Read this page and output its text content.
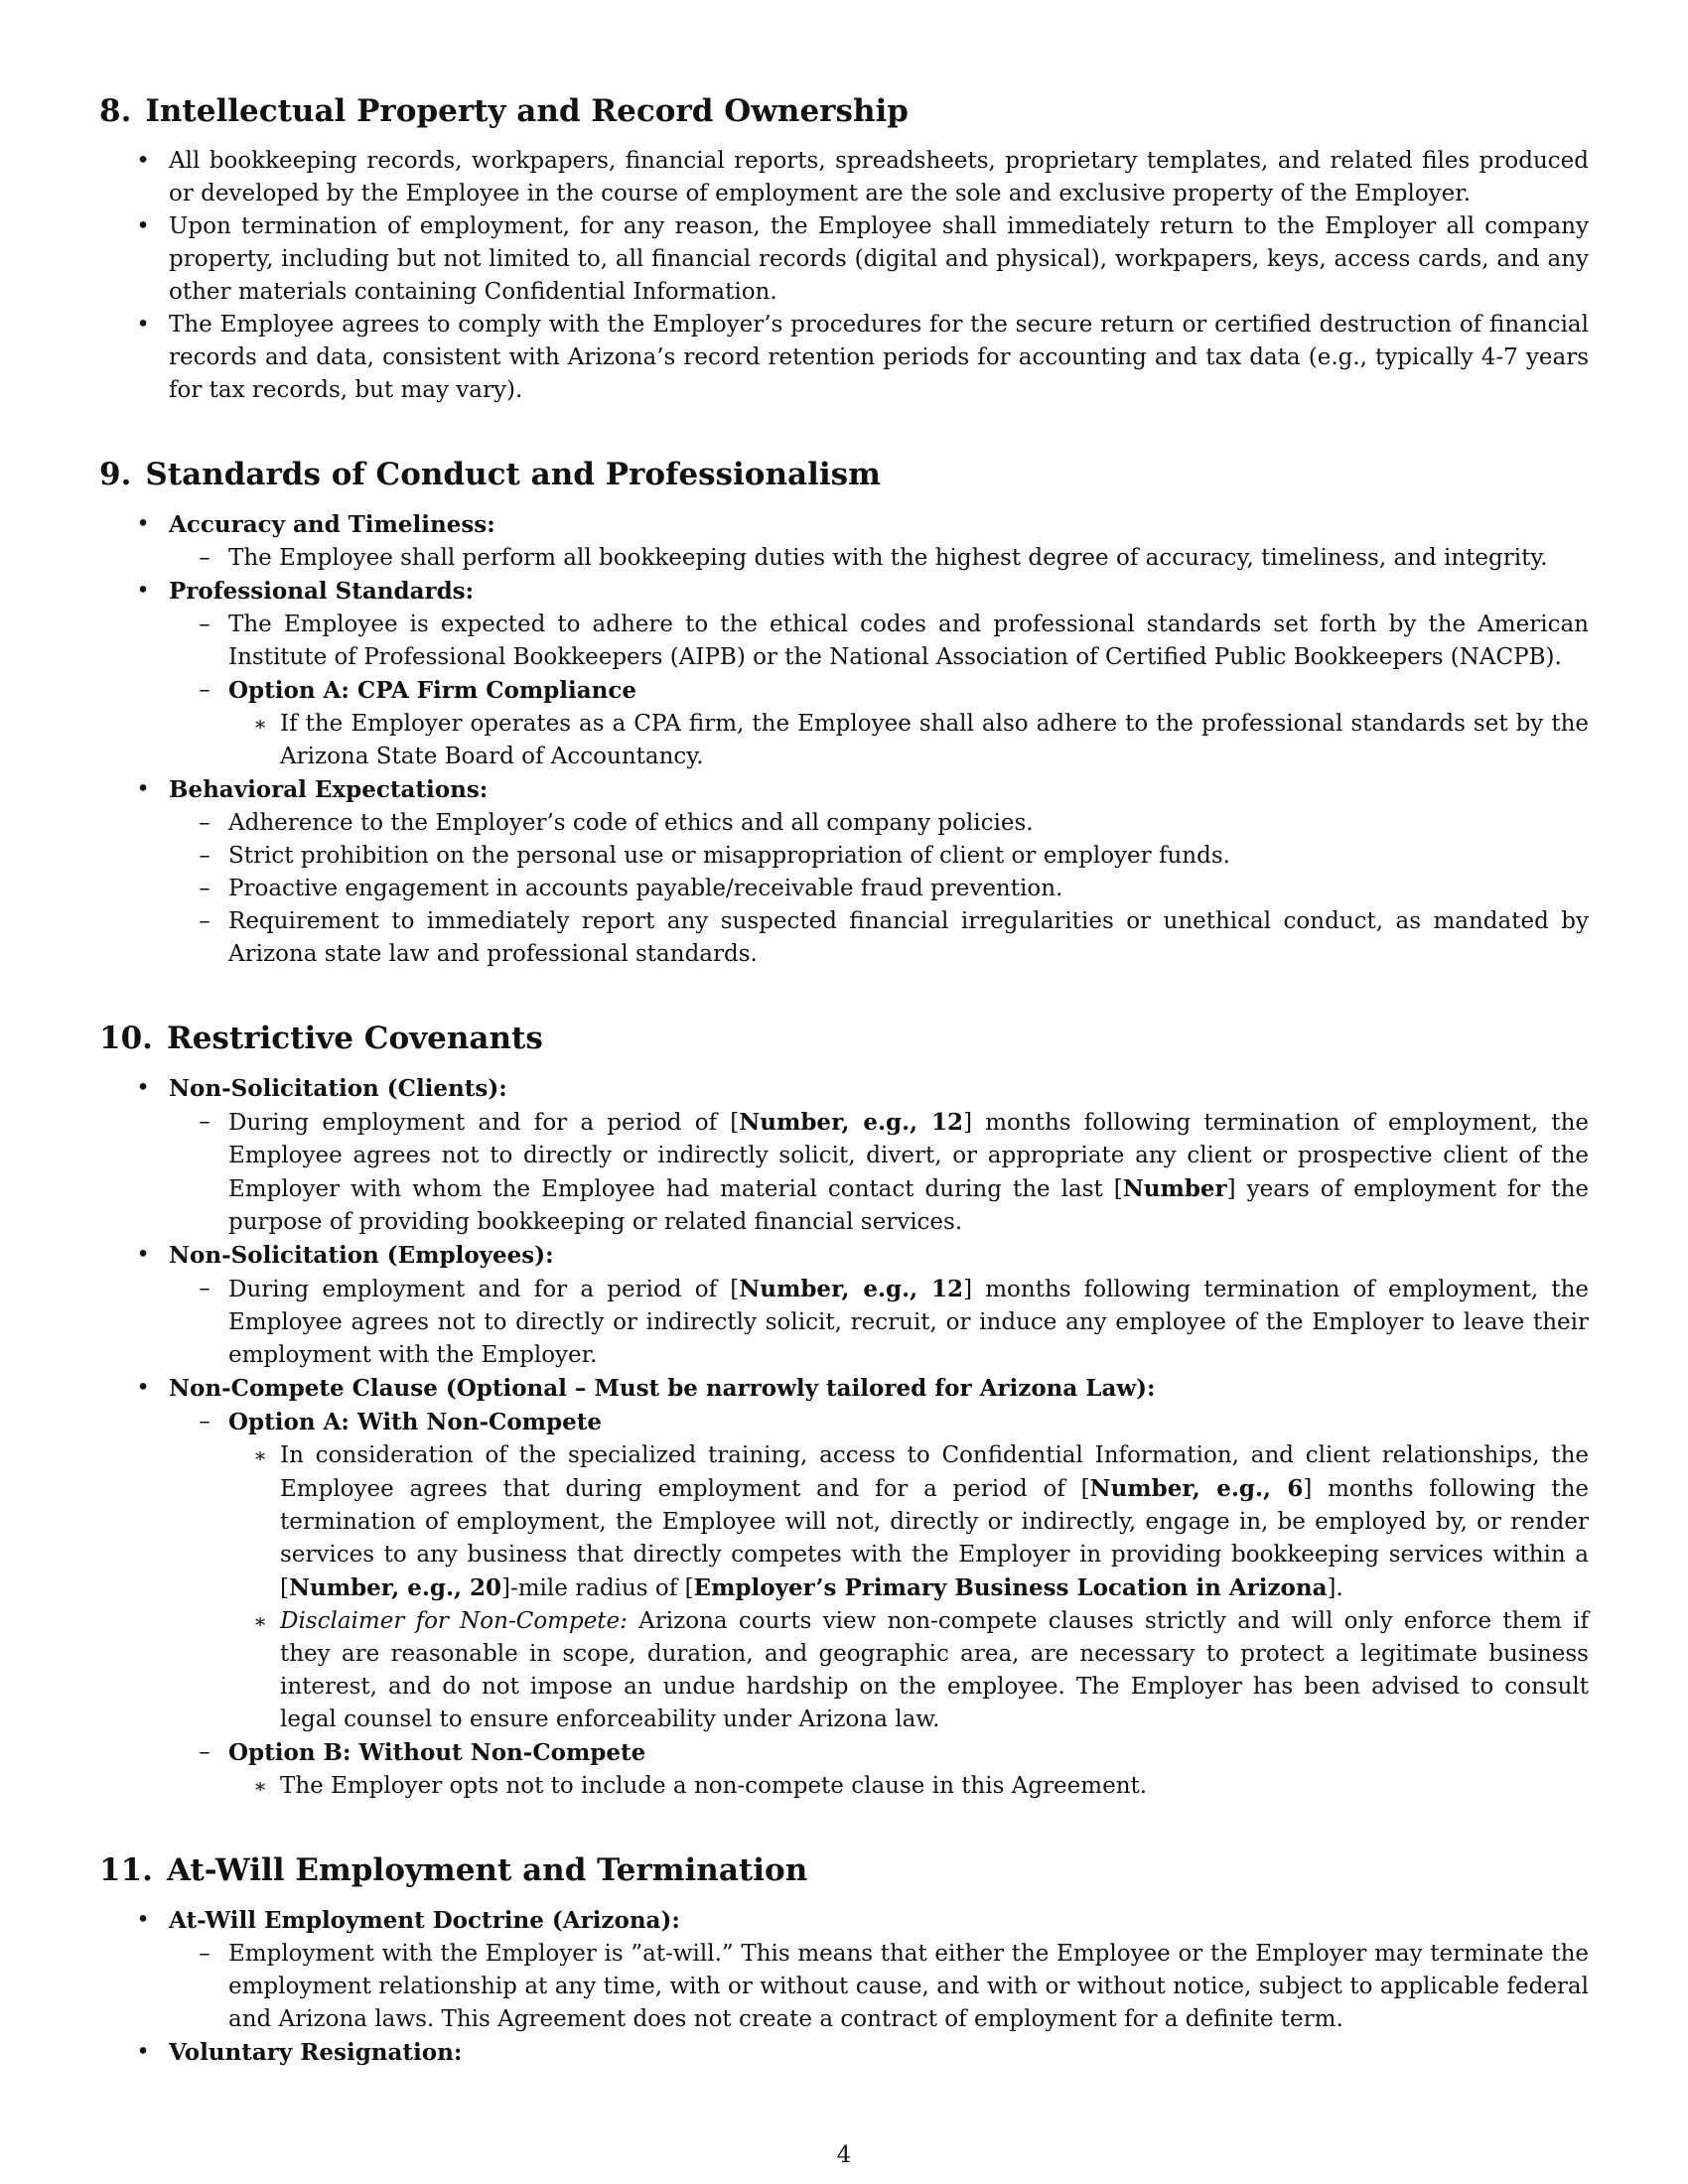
8. Intellectual Property and Record Ownership
• All bookkeeping records, workpapers, financial reports, spreadsheets, proprietary templates, and related files produced or developed by the Employee in the course of employment are the sole and exclusive property of the Employer.
• Upon termination of employment, for any reason, the Employee shall immediately return to the Employer all company property, including but not limited to, all financial records (digital and physical), workpapers, keys, access cards, and any other materials containing Confidential Information.
• The Employee agrees to comply with the Employer’s procedures for the secure return or certified destruction of financial records and data, consistent with Arizona’s record retention periods for accounting and tax data (e.g., typically 4-7 years for tax records, but may vary).
9. Standards of Conduct and Professionalism
• Accuracy and Timeliness:
– The Employee shall perform all bookkeeping duties with the highest degree of accuracy, timeliness, and integrity.
• Professional Standards:
– The Employee is expected to adhere to the ethical codes and professional standards set forth by the American Institute of Professional Bookkeepers (AIPB) or the National Association of Certified Public Bookkeepers (NACPB).
– Option A: CPA Firm Compliance
∗ If the Employer operates as a CPA firm, the Employee shall also adhere to the professional standards set by the Arizona State Board of Accountancy.
• Behavioral Expectations:
– Adherence to the Employer’s code of ethics and all company policies.
– Strict prohibition on the personal use or misappropriation of client or employer funds.
– Proactive engagement in accounts payable/receivable fraud prevention.
– Requirement to immediately report any suspected financial irregularities or unethical conduct, as mandated by Arizona state law and professional standards.
10. Restrictive Covenants
• Non-Solicitation (Clients):
– During employment and for a period of [Number, e.g., 12] months following termination of employment, the Employee agrees not to directly or indirectly solicit, divert, or appropriate any client or prospective client of the Employer with whom the Employee had material contact during the last [Number] years of employment for the purpose of providing bookkeeping or related financial services.
• Non-Solicitation (Employees):
– During employment and for a period of [Number, e.g., 12] months following termination of employment, the Employee agrees not to directly or indirectly solicit, recruit, or induce any employee of the Employer to leave their employment with the Employer.
• Non-Compete Clause (Optional – Must be narrowly tailored for Arizona Law):
– Option A: With Non-Compete
∗ In consideration of the specialized training, access to Confidential Information, and client relationships, the Employee agrees that during employment and for a period of [Number, e.g., 6] months following the termination of employment, the Employee will not, directly or indirectly, engage in, be employed by, or render services to any business that directly competes with the Employer in providing bookkeeping services within a [Number, e.g., 20]-mile radius of [Employer’s Primary Business Location in Arizona].
∗ Disclaimer for Non-Compete: Arizona courts view non-compete clauses strictly and will only enforce them if they are reasonable in scope, duration, and geographic area, are necessary to protect a legitimate business interest, and do not impose an undue hardship on the employee. The Employer has been advised to consult legal counsel to ensure enforceability under Arizona law.
– Option B: Without Non-Compete
∗ The Employer opts not to include a non-compete clause in this Agreement.
11. At-Will Employment and Termination
• At-Will Employment Doctrine (Arizona):
– Employment with the Employer is ”at-will.” This means that either the Employee or the Employer may terminate the employment relationship at any time, with or without cause, and with or without notice, subject to applicable federal and Arizona laws. This Agreement does not create a contract of employment for a definite term.
• Voluntary Resignation:
4
